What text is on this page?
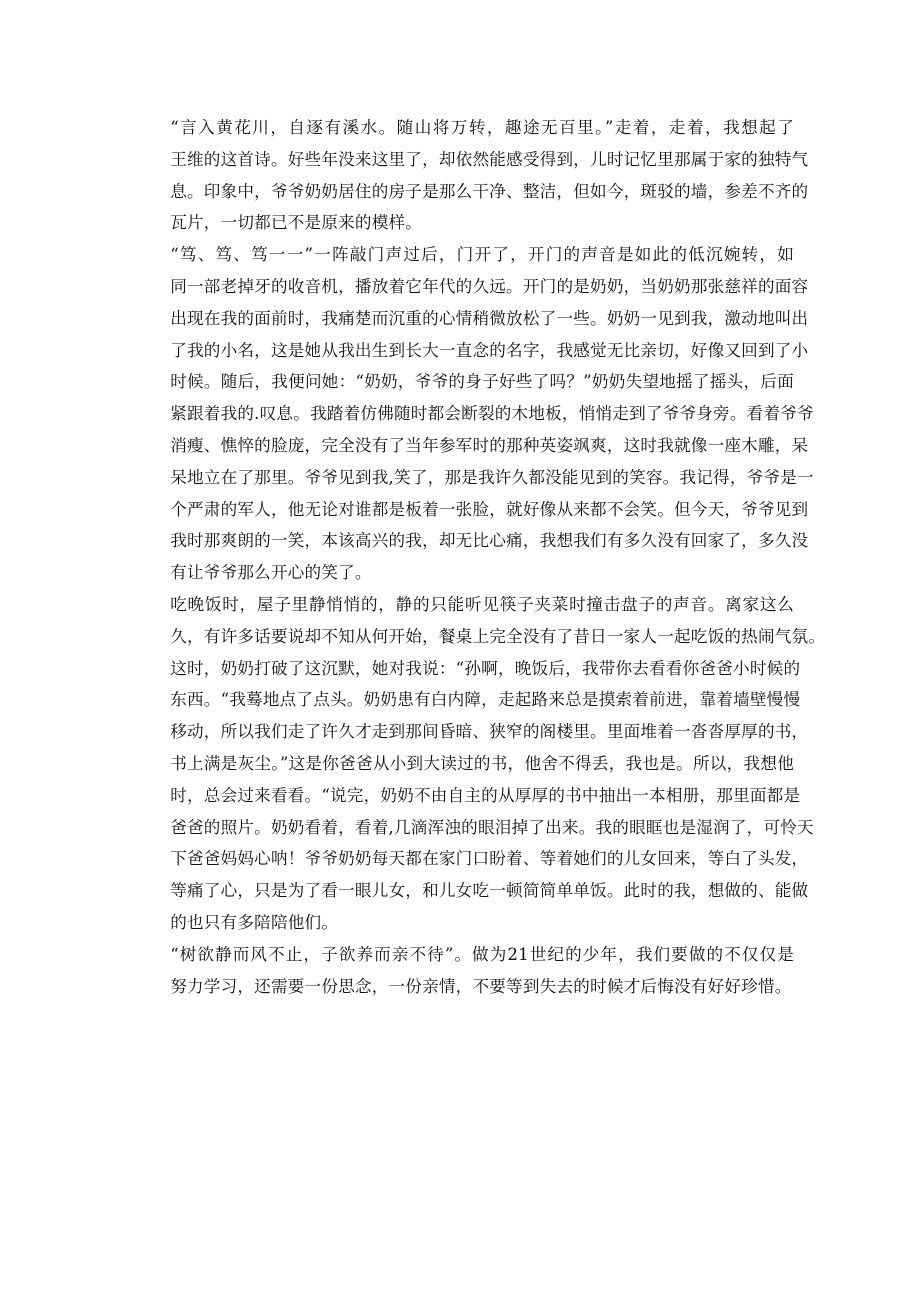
“言入黄花川，自逐有溪水。随山将万转，趣途无百里。”走着，走着，我想起了
王维的这首诗。好些年没来这里了，却依然能感受得到，儿时记忆里那属于家的独特气
息。印象中，爷爷奶奶居住的房子是那么干净、整洁，但如今，斑驳的墙，参差不齐的
瓦片，一切都已不是原来的模样。

“笃、笃、笃一一”一阵敲门声过后，门开了，开门的声音是如此的低沉婉转，如
同一部老掉牙的收音机，播放着它年代的久远。开门的是奶奶，当奶奶那张慈祥的面容
出现在我的面前时，我痛楚而沉重的心情稍微放松了一些。奶奶一见到我，激动地叫出
了我的小名，这是她从我出生到长大一直念的名字，我感觉无比亲切，好像又回到了小
时候。随后，我便问她：“奶奶，爷爷的身子好些了吗？”奶奶失望地摇了摇头，后面
紧跟着我的.叹息。我踏着仿佛随时都会断裂的木地板，悄悄走到了爷爷身旁。看着爷爷
消瘦、憔悴的脸庞，完全没有了当年参军时的那种英姿飒爽，这时我就像一座木雕，呆
呆地立在了那里。爷爷见到我,笑了，那是我许久都没能见到的笑容。我记得，爷爷是一
个严肃的军人，他无论对谁都是板着一张脸，就好像从来都不会笑。但今天，爷爷见到
我时那爽朗的一笑，本该高兴的我，却无比心痛，我想我们有多久没有回家了，多久没
有让爷爷那么开心的笑了。

吃晚饭时，屋子里静悄悄的，静的只能听见筷子夹菜时撞击盘子的声音。离家这么
久，有许多话要说却不知从何开始，餐桌上完全没有了昔日一家人一起吃饭的热闹气氛。
这时，奶奶打破了这沉默，她对我说：“孙啊，晚饭后，我带你去看看你爸爸小时候的
东西。“我蓦地点了点头。奶奶患有白内障，走起路来总是摸索着前进，靠着墙壁慢慢
移动，所以我们走了许久才走到那间昏暗、狭窄的阁楼里。里面堆着一沓沓厚厚的书，
书上满是灰尘。”这是你爸爸从小到大读过的书，他舍不得丢，我也是。所以，我想他
时，总会过来看看。“说完，奶奶不由自主的从厚厚的书中抽出一本相册，那里面都是
爸爸的照片。奶奶看着，看着,几滴浑浊的眼泪掉了出来。我的眼眶也是湿润了，可怜天
下爸爸妈妈心呐！爷爷奶奶每天都在家门口盼着、等着她们的儿女回来，等白了头发，
等痛了心，只是为了看一眼儿女，和儿女吃一顿简简单单饭。此时的我，想做的、能做
的也只有多陪陪他们。

“树欲静而风不止，子欲养而亲不待”。做为21世纪的少年，我们要做的不仅仅是
努力学习，还需要一份思念，一份亲情，不要等到失去的时候才后悔没有好好珍惜。
